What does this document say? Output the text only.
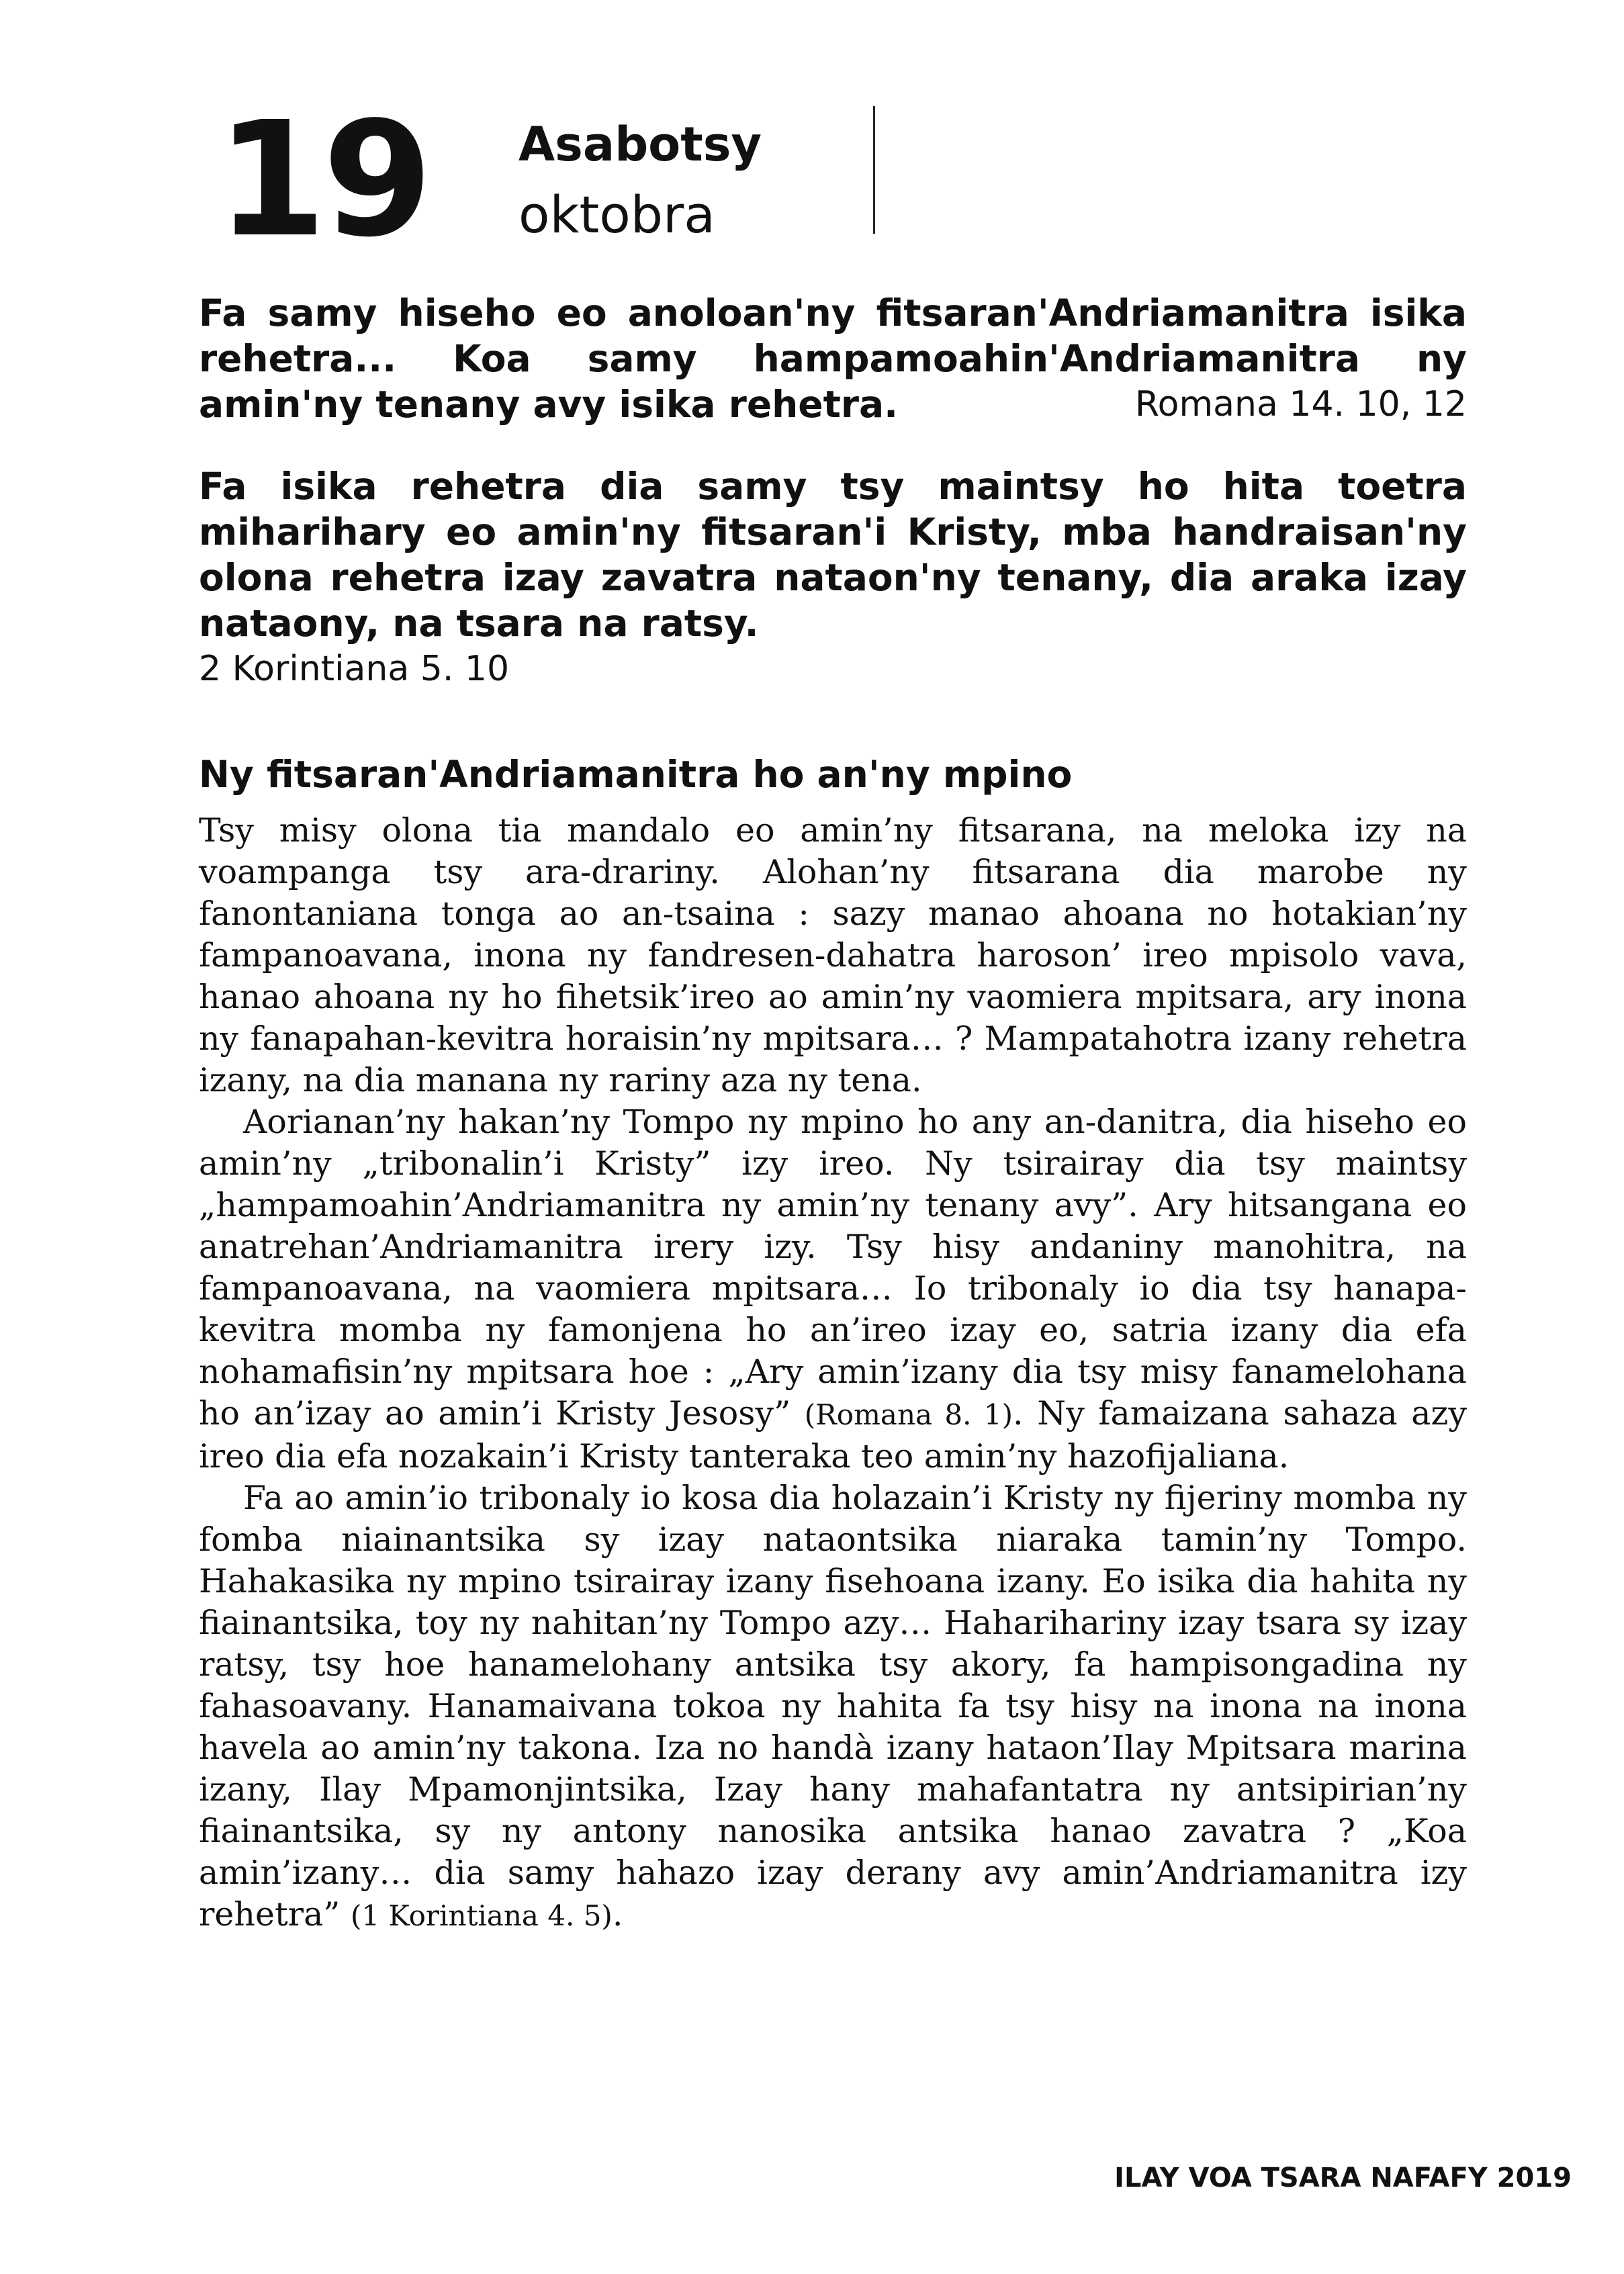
19 Asabotsy
oktobra
Fa samy hiseho eo anoloan'ny fitsaran'Andriamanitra isika rehetra... Koa samy hampamoahin'Andriamanitra ny amin'ny tenany avy isika rehetra.	Romana 14. 10, 12
Fa isika rehetra dia samy tsy maintsy ho hita toetra miharihary eo amin'ny fitsaran'i Kristy, mba handraisan'ny olona rehetra izay zavatra nataon'ny tenany, dia araka izay nataony, na tsara na ratsy.
2 Korintiana 5. 10
Ny fitsaran'Andriamanitra ho an'ny mpino

Tsy misy olona tia mandalo eo amin’ny fitsarana, na meloka izy na voampanga tsy ara-drariny. Alohan’ny fitsarana dia marobe ny fanontaniana tonga ao an-tsaina : sazy manao ahoana no hotakian’ny fampanoavana, inona ny fandresen-dahatra haroson’ ireo mpisolo vava, hanao ahoana ny ho fihetsik’ireo ao amin’ny vaomiera mpitsara, ary inona ny fanapahan-kevitra horaisin’ny mpitsara… ? Mampatahotra izany rehetra izany, na dia manana ny rariny aza ny tena.

Aorianan’ny hakan’ny Tompo ny mpino ho any an-danitra, dia hiseho eo amin’ny „tribonalin’i Kristy” izy ireo. Ny tsirairay dia tsy maintsy „hampamoahin’Andriamanitra ny amin’ny tenany avy”. Ary hitsangana eo anatrehan’Andriamanitra irery izy. Tsy hisy andaniny manohitra, na fampanoavana, na vaomiera mpitsara… Io tribonaly io dia tsy hanapa-kevitra momba ny famonjena ho an’ireo izay eo, satria izany dia efa nohamafisin’ny mpitsara hoe : „Ary amin’izany dia tsy misy fanamelohana ho an’izay ao amin’i Kristy Jesosy” (Romana 8. 1). Ny famaizana sahaza azy ireo dia efa nozakain’i Kristy tanteraka teo amin’ny hazofijaliana.

Fa ao amin’io tribonaly io kosa dia holazain’i Kristy ny fijeriny momba ny fomba niainantsika sy izay nataontsika niaraka tamin’ny Tompo. Hahakasika ny mpino tsirairay izany fisehoana izany. Eo isika dia hahita ny fiainantsika, toy ny nahitan’ny Tompo azy… Haharihariny izay tsara sy izay ratsy, tsy hoe hanamelohany antsika tsy akory, fa hampisongadina ny fahasoavany. Hanamaivana tokoa ny hahita fa tsy hisy na inona na inona havela ao amin’ny takona. Iza no handà izany hataon’Ilay Mpitsara marina izany, Ilay Mpamonjintsika, Izay hany mahafantatra ny antsipirian’ny fiainantsika, sy ny antony nanosika antsika hanao zavatra ? „Koa amin’izany… dia samy hahazo izay derany avy amin’Andriamanitra izy rehetra” (1 Korintiana 4. 5).

ILAY VOA TSARA NAFAFY 2019
